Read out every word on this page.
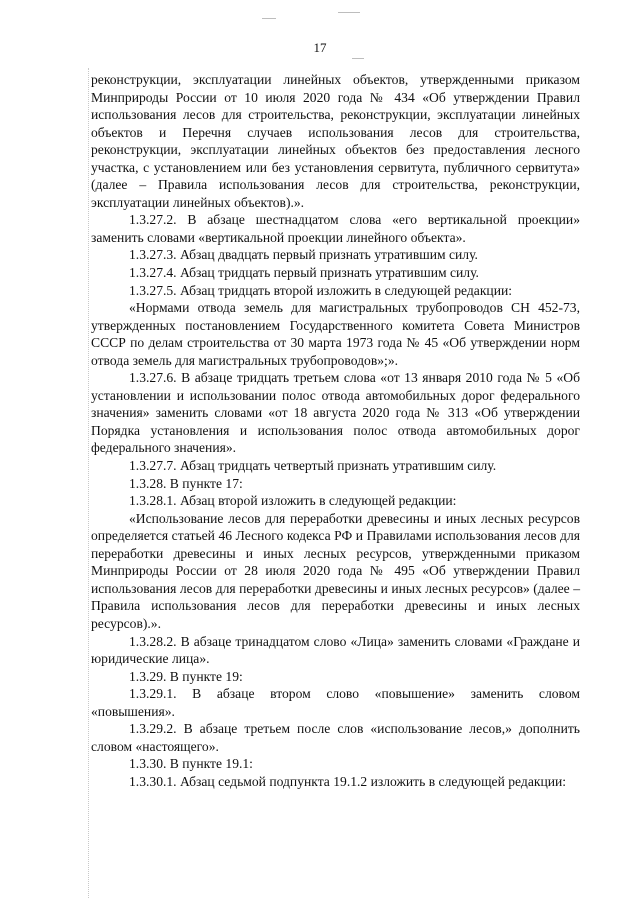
17

реконструкции, эксплуатации линейных объектов, утвержденными приказом Минприроды России от 10 июля 2020 года № 434 «Об утверждении Правил использования лесов для строительства, реконструкции, эксплуатации линейных объектов и Перечня случаев использования лесов для строительства, реконструкции, эксплуатации линейных объектов без предоставления лесного участка, с установлением или без установления сервитута, публичного сервитута» (далее – Правила использования лесов для строительства, реконструкции, эксплуатации линейных объектов).».

1.3.27.2. В абзаце шестнадцатом слова «его вертикальной проекции» заменить словами «вертикальной проекции линейного объекта».

1.3.27.3. Абзац двадцать первый признать утратившим силу.

1.3.27.4. Абзац тридцать первый признать утратившим силу.

1.3.27.5. Абзац тридцать второй изложить в следующей редакции:

«Нормами отвода земель для магистральных трубопроводов СН 452-73, утвержденных постановлением Государственного комитета Совета Министров СССР по делам строительства от 30 марта 1973 года № 45 «Об утверждении норм отвода земель для магистральных трубопроводов»;».

1.3.27.6. В абзаце тридцать третьем слова «от 13 января 2010 года № 5 «Об установлении и использовании полос отвода автомобильных дорог федерального значения» заменить словами «от 18 августа 2020 года № 313 «Об утверждении Порядка установления и использования полос отвода автомобильных дорог федерального значения».

1.3.27.7. Абзац тридцать четвертый признать утратившим силу.

1.3.28. В пункте 17:

1.3.28.1. Абзац второй изложить в следующей редакции:

«Использование лесов для переработки древесины и иных лесных ресурсов определяется статьей 46 Лесного кодекса РФ и Правилами использования лесов для переработки древесины и иных лесных ресурсов, утвержденными приказом Минприроды России от 28 июля 2020 года № 495 «Об утверждении Правил использования лесов для переработки древесины и иных лесных ресурсов» (далее – Правила использования лесов для переработки древесины и иных лесных ресурсов).».

1.3.28.2. В абзаце тринадцатом слово «Лица» заменить словами «Граждане и юридические лица».

1.3.29. В пункте 19:

1.3.29.1. В абзаце втором слово «повышение» заменить словом «повышения».

1.3.29.2. В абзаце третьем после слов «использование лесов,» дополнить словом «настоящего».

1.3.30. В пункте 19.1:

1.3.30.1. Абзац седьмой подпункта 19.1.2 изложить в следующей редакции:
